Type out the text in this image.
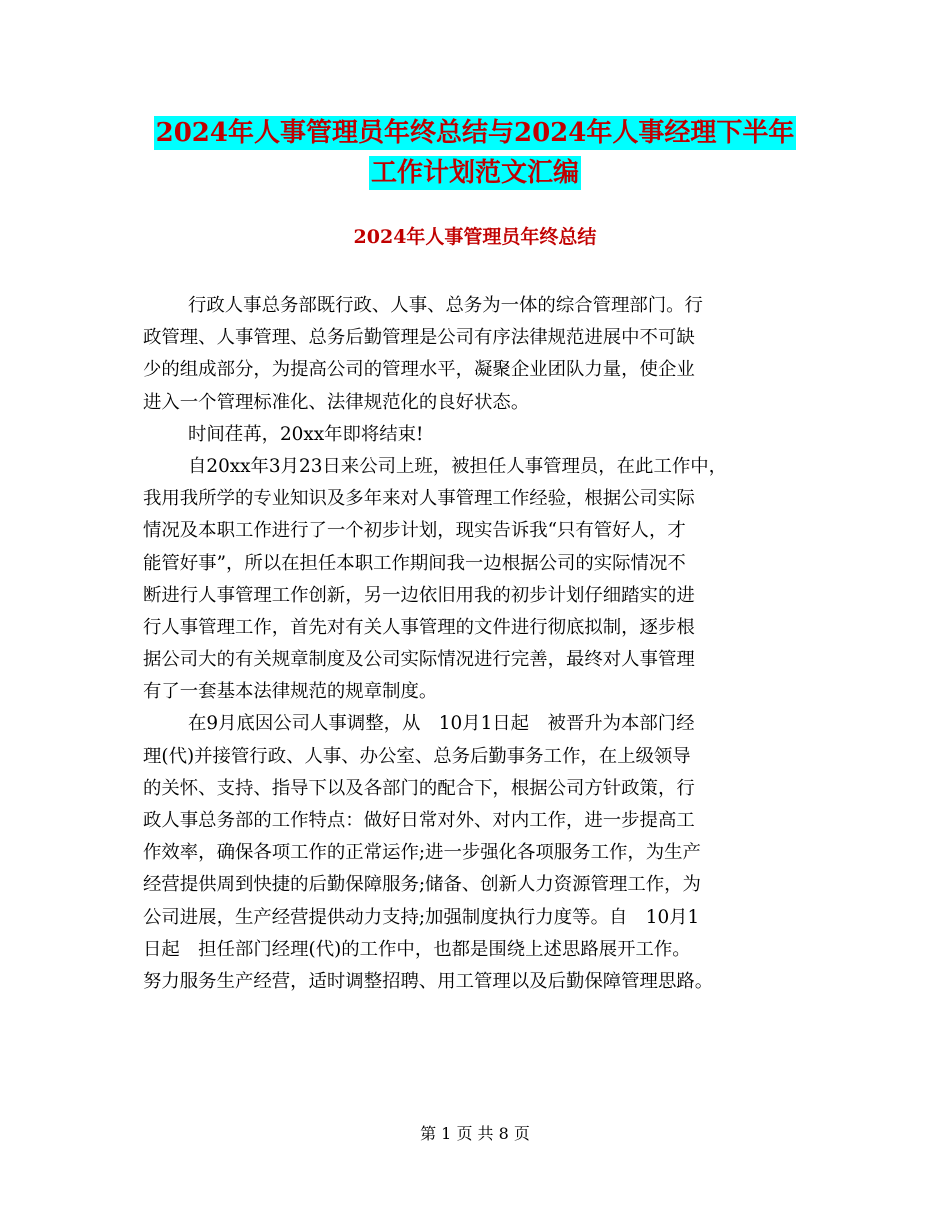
2024年人事管理员年终总结与2024年人事经理下半年
工作计划范文汇编
2024年人事管理员年终总结
行政人事总务部既行政、人事、总务为一体的综合管理部门。行
政管理、人事管理、总务后勤管理是公司有序法律规范进展中不可缺
少的组成部分，为提高公司的管理水平，凝聚企业团队力量，使企业
进入一个管理标准化、法律规范化的良好状态。
时间荏苒，20xx年即将结束!
自20xx年3月23日来公司上班，被担任人事管理员，在此工作中，
我用我所学的专业知识及多年来对人事管理工作经验，根据公司实际
情况及本职工作进行了一个初步计划，现实告诉我“只有管好人，才
能管好事”，所以在担任本职工作期间我一边根据公司的实际情况不
断进行人事管理工作创新，另一边依旧用我的初步计划仔细踏实的进
行人事管理工作，首先对有关人事管理的文件进行彻底拟制，逐步根
据公司大的有关规章制度及公司实际情况进行完善，最终对人事管理
有了一套基本法律规范的规章制度。
在9月底因公司人事调整，从　10月1日起　被晋升为本部门经
理(代)并接管行政、人事、办公室、总务后勤事务工作，在上级领导
的关怀、支持、指导下以及各部门的配合下，根据公司方针政策，行
政人事总务部的工作特点：做好日常对外、对内工作，进一步提高工
作效率，确保各项工作的正常运作;进一步强化各项服务工作，为生产
经营提供周到快捷的后勤保障服务;储备、创新人力资源管理工作，为
公司进展，生产经营提供动力支持;加强制度执行力度等。自　10月1
日起　担任部门经理(代)的工作中，也都是围绕上述思路展开工作。
努力服务生产经营，适时调整招聘、用工管理以及后勤保障管理思路。
第 1 页 共 8 页
